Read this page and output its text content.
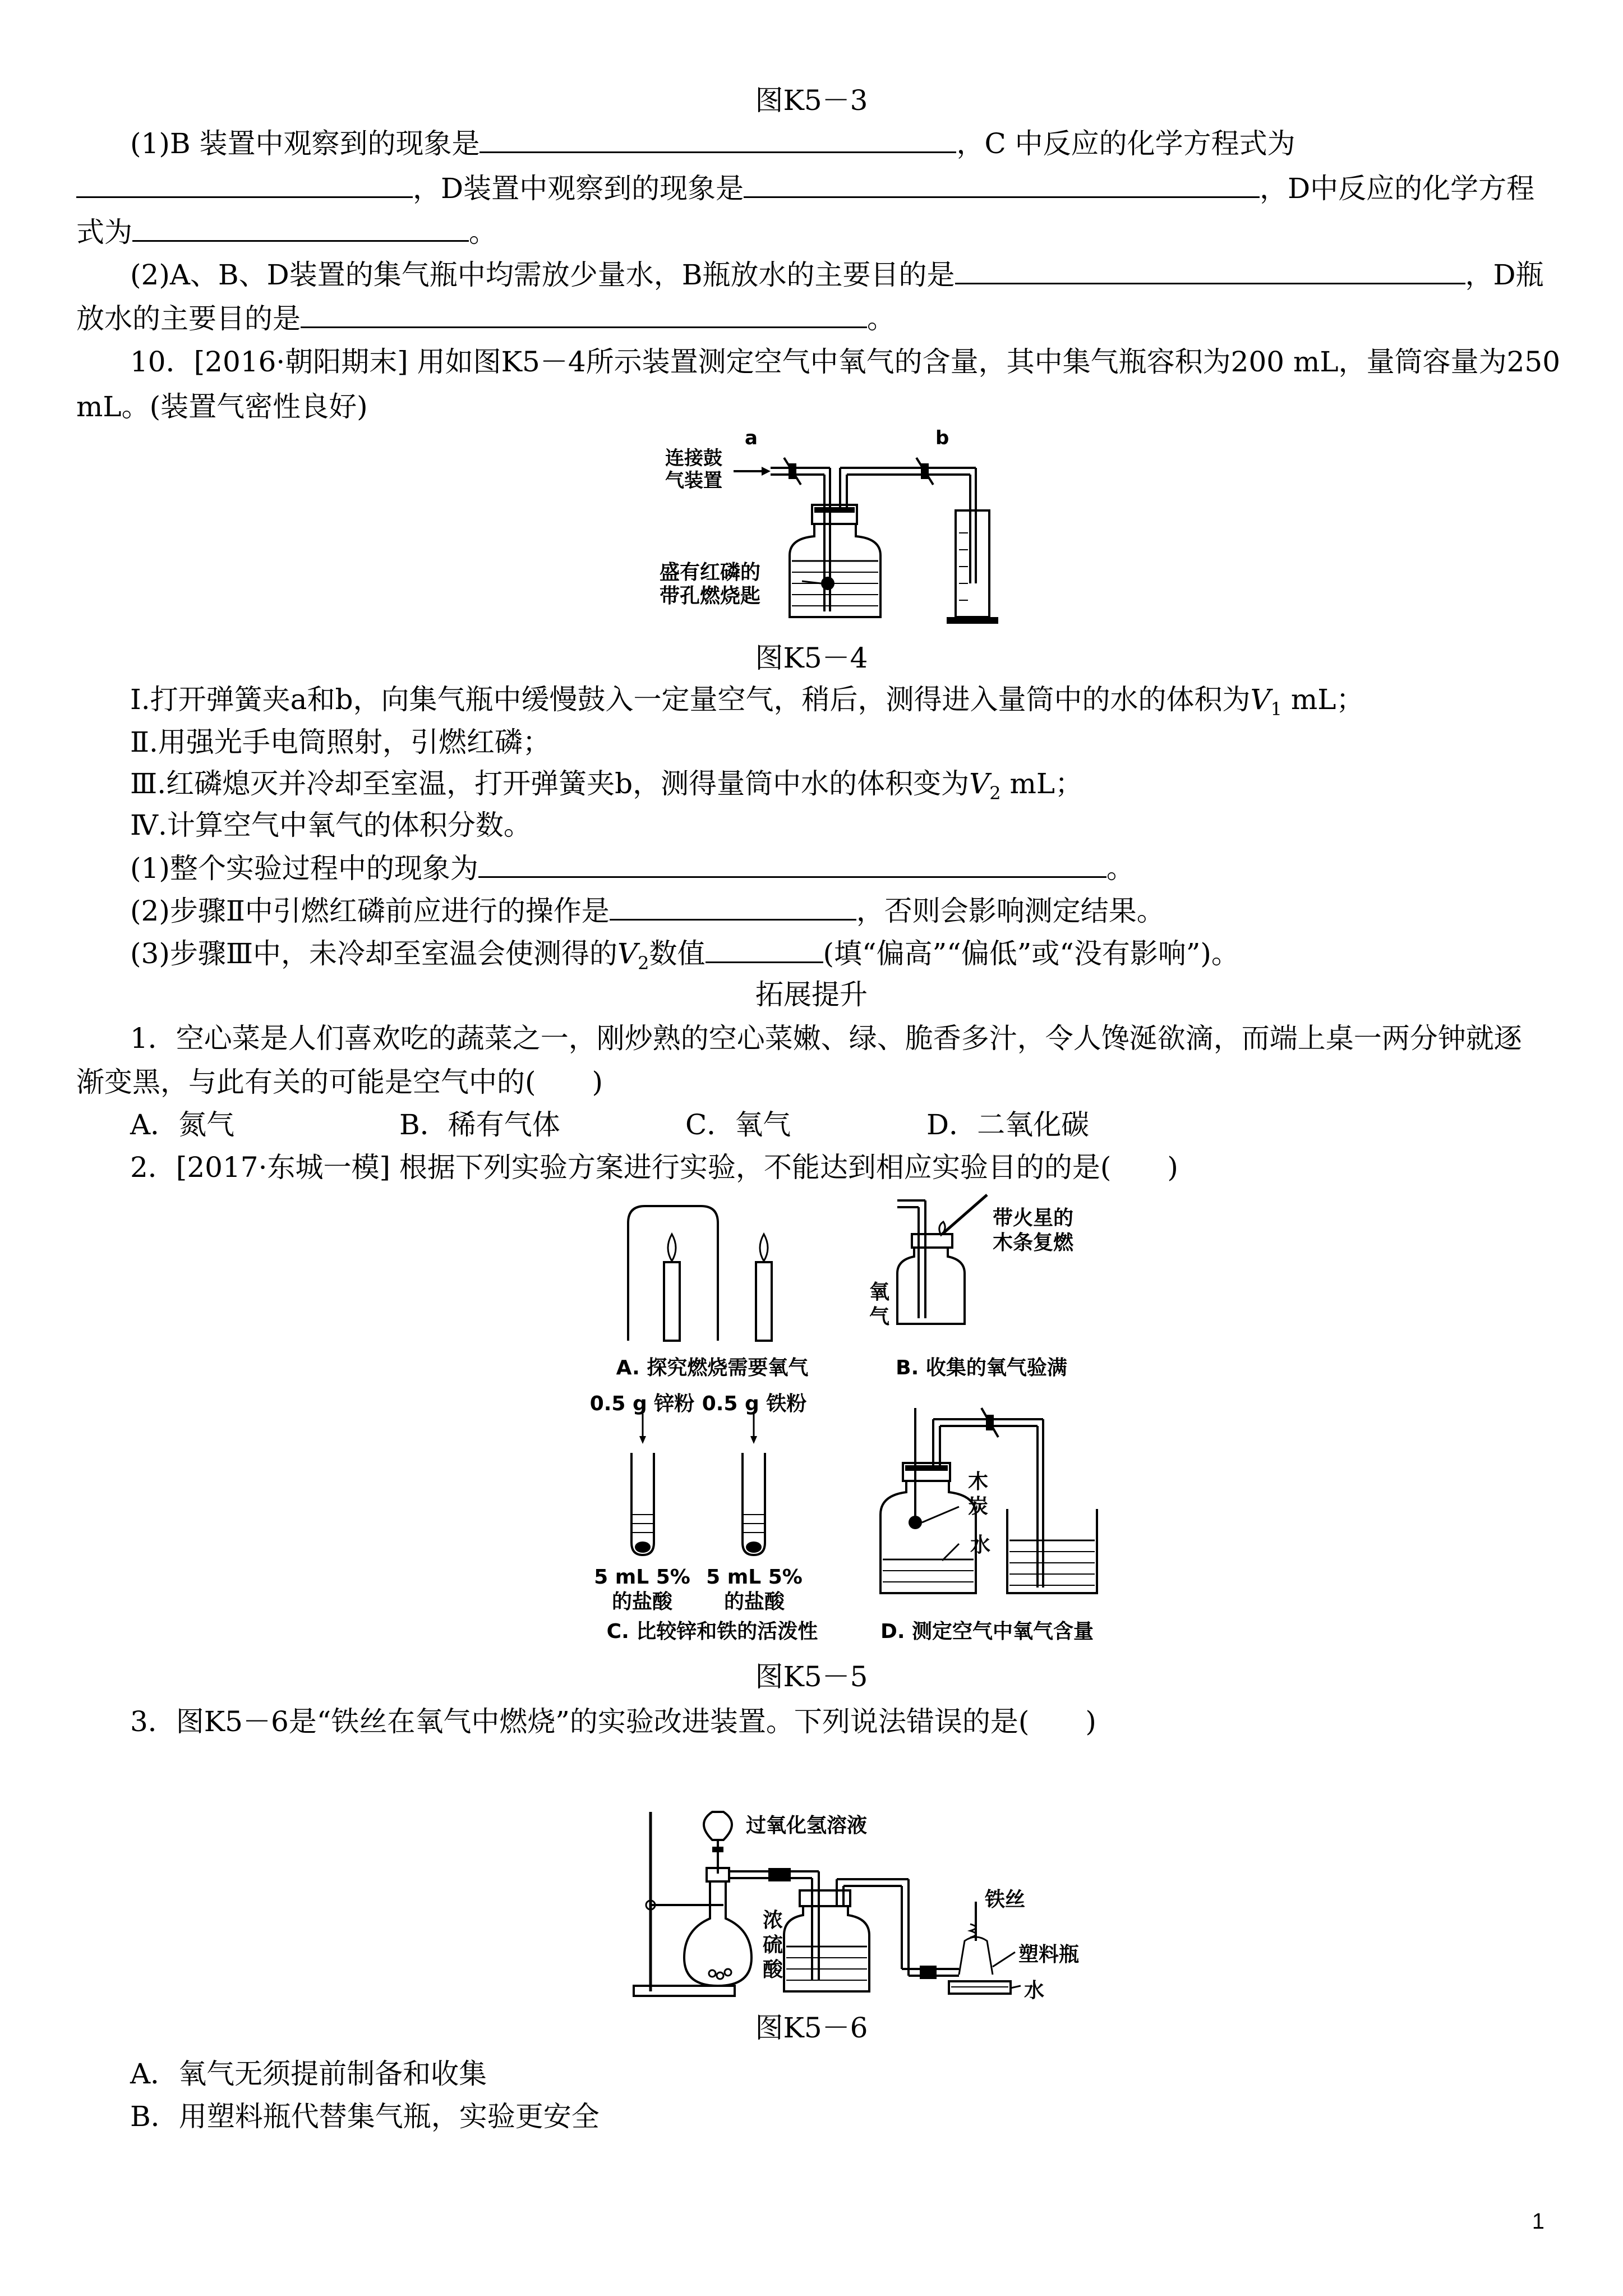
图K5－3
(1)B 装置中观察到的现象是	，C 中反应的化学方程式为
，D装置中观察到的现象是	，D中反应的化学方程
式为	。
(2)A、B、D装置的集气瓶中均需放少量水，B瓶放水的主要目的是	，D瓶
放水的主要目的是	。
10．[2016·朝阳期末] 用如图K5－4所示装置测定空气中氧气的含量，其中集气瓶容积为200 mL，量筒容量为250
mL。(装置气密性良好)
a	b
连接鼓
气装置
盛有红磷的
带孔燃烧匙
图K5－4
Ⅰ.打开弹簧夹a和b，向集气瓶中缓慢鼓入一定量空气，稍后，测得进入量筒中的水的体积为$V_1$ mL；
Ⅱ.用强光手电筒照射，引燃红磷；
Ⅲ.红磷熄灭并冷却至室温，打开弹簧夹b，测得量筒中水的体积变为$V_2$ mL；
Ⅳ.计算空气中氧气的体积分数。
(1)整个实验过程中的现象为	。
(2)步骤Ⅱ中引燃红磷前应进行的操作是	，否则会影响测定结果。
(3)步骤Ⅲ中，未冷却至室温会使测得的$V_2$数值	(填“偏高”“偏低”或“没有影响”)。
拓展提升
1．空心菜是人们喜欢吃的蔬菜之一，刚炒熟的空心菜嫩、绿、脆香多汁，令人馋涎欲滴，而端上桌一两分钟就逐
渐变黑，与此有关的可能是空气中的(　　)
A．氮气	B．稀有气体	C．氧气	D．二氧化碳
2．[2017·东城一模] 根据下列实验方案进行实验，不能达到相应实验目的的是(　　)
A. 探究燃烧需要氧气
带火星的
木条复燃
氧
气
B. 收集的氧气验满
0.5 g 锌粉 0.5 g 铁粉
5 mL 5%
的盐酸
5 mL 5%
的盐酸
C. 比较锌和铁的活泼性
木
炭
水
D. 测定空气中氧气含量
图K5－5
3．图K5－6是“铁丝在氧气中燃烧”的实验改进装置。下列说法错误的是(　　)
过氧化氢溶液
铁丝
浓
硫
酸
塑料瓶
水
图K5－6
A．氧气无须提前制备和收集
B．用塑料瓶代替集气瓶，实验更安全
1
